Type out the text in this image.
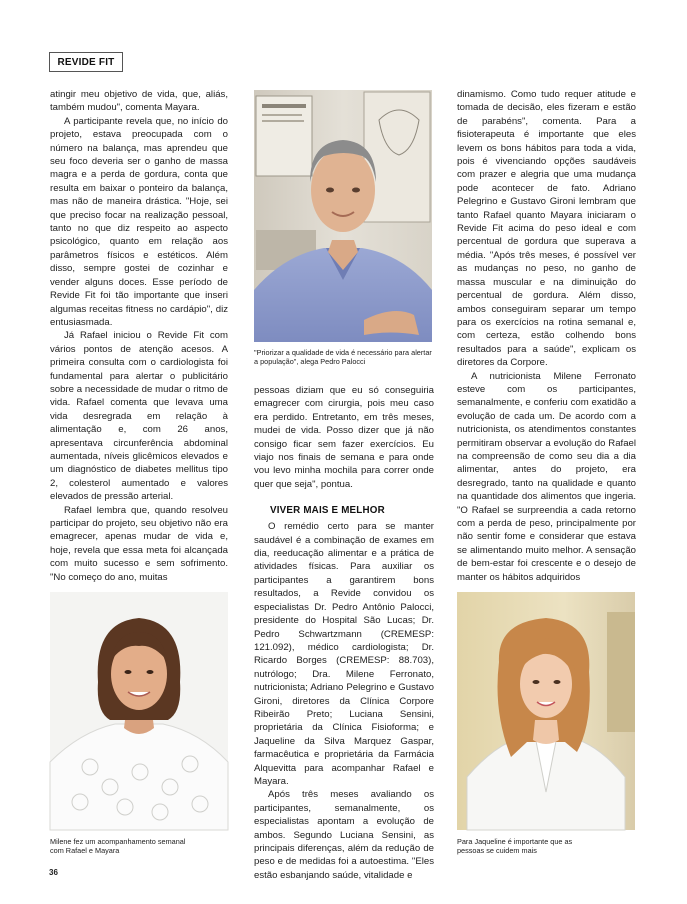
REVIDE FIT

atingir meu objetivo de vida, que, aliás, também mudou", comenta Mayara.

A participante revela que, no início do projeto, estava preocupada com o número na balança, mas aprendeu que seu foco deveria ser o ganho de massa magra e a perda de gordura, conta que resulta em baixar o ponteiro da balança, mas não de maneira drástica. "Hoje, sei que preciso focar na realização pessoal, tanto no que diz respeito ao aspecto psicológico, quanto em relação aos parâmetros físicos e estéticos. Além disso, sempre gostei de cozinhar e vender alguns doces. Esse período de Revide Fit foi tão importante que inseri algumas receitas fitness no cardápio", diz entusiasmada.

Já Rafael iniciou o Revide Fit com vários pontos de atenção acesos. A primeira consulta com o cardiologista foi fundamental para alertar o publicitário sobre a necessidade de mudar o ritmo de vida. Rafael comenta que levava uma vida desregrada em relação à alimentação e, com 26 anos, apresentava circunferência abdominal aumentada, níveis glicêmicos elevados e um diagnóstico de diabetes mellitus tipo 2, colesterol aumentado e valores elevados de pressão arterial.

Rafael lembra que, quando resolveu participar do projeto, seu objetivo não era emagrecer, apenas mudar de vida e, hoje, revela que essa meta foi alcançada com muito sucesso e sem sofrimento. "No começo do ano, muitas

"Priorizar a qualidade de vida é necessário para alertar a população", alega Pedro Palocci

pessoas diziam que eu só conseguiria emagrecer com cirurgia, pois meu caso era perdido. Entretanto, em três meses, mudei de vida. Posso dizer que já não consigo ficar sem fazer exercícios. Eu viajo nos finais de semana e para onde vou levo minha mochila para correr onde quer que seja", pontua.

VIVER MAIS E MELHOR

O remédio certo para se manter saudável é a combinação de exames em dia, reeducação alimentar e a prática de atividades físicas. Para auxiliar os participantes a garantirem bons resultados, a Revide convidou os especialistas Dr. Pedro Antônio Palocci, presidente do Hospital São Lucas; Dr. Pedro Schwartzmann (CREMESP: 121.092), médico cardiologista; Dr. Ricardo Borges (CREMESP: 88.703), nutrólogo; Dra. Milene Ferronato, nutricionista; Adriano Pelegrino e Gustavo Gironi, diretores da Clínica Corpore Ribeirão Preto; Luciana Sensini, proprietária da Clínica Fisioforma; e Jaqueline da Silva Marquez Gaspar, farmacêutica e proprietária da Farmácia Alquevitta para acompanhar Rafael e Mayara.

Após três meses avaliando os participantes, semanalmente, os especialistas apontam a evolução de ambos. Segundo Luciana Sensini, as principais diferenças, além da redução de peso e de medidas foi a autoestima. "Eles estão esbanjando saúde, vitalidade e

dinamismo. Como tudo requer atitude e tomada de decisão, eles fizeram e estão de parabéns", comenta. Para a fisioterapeuta é importante que eles levem os bons hábitos para toda a vida, pois é vivenciando opções saudáveis com prazer e alegria que uma mudança pode acontecer de fato. Adriano Pelegrino e Gustavo Gironi lembram que tanto Rafael quanto Mayara iniciaram o Revide Fit acima do peso ideal e com percentual de gordura que superava a média. "Após três meses, é possível ver as mudanças no peso, no ganho de massa muscular e na diminuição do percentual de gordura. Além disso, ambos conseguiram separar um tempo para os exercícios na rotina semanal e, com certeza, estão colhendo bons resultados para a saúde", explicam os diretores da Corpore.

A nutricionista Milene Ferronato esteve com os participantes, semanalmente, e conferiu com exatidão a evolução de cada um. De acordo com a nutricionista, os atendimentos constantes permitiram observar a evolução do Rafael na compreensão de como seu dia a dia alimentar, antes do projeto, era desregrado, tanto na qualidade e quanto na quantidade dos alimentos que ingeria. "O Rafael se surpreendia a cada retorno com a perda de peso, principalmente por não sentir fome e considerar que estava se alimentando muito melhor. A sensação de bem-estar foi crescente e o desejo de manter os hábitos adquiridos

Milene fez um acompanhamento semanal com Rafael e Mayara
Para Jaqueline é importante que as pessoas se cuidem mais
36
